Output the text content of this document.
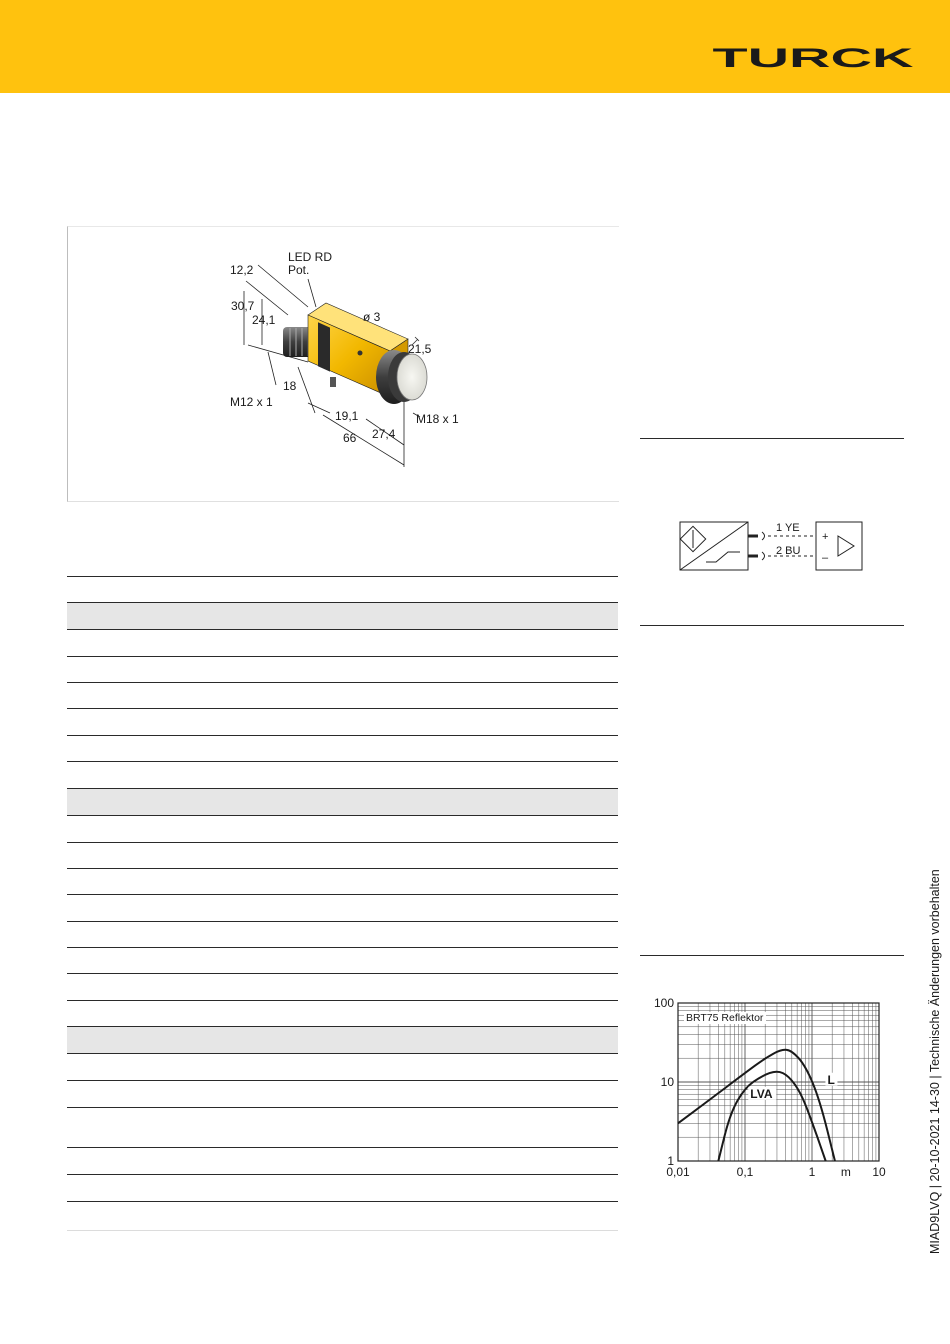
TURCK
LED RD
Pot.
12,2
30,7
24,1	ø 3
21,5
18
M12 x 1
19,1	M18 x 1
27,4
66
1 YE
2 BU
+
–
0,01	0,1	1 m 10
100
10
1
BRT75 Reflektor
L
LVA	MIAD9LVQ | 20-10-2021 14-30 | Technische Änderungen vorbehalten
